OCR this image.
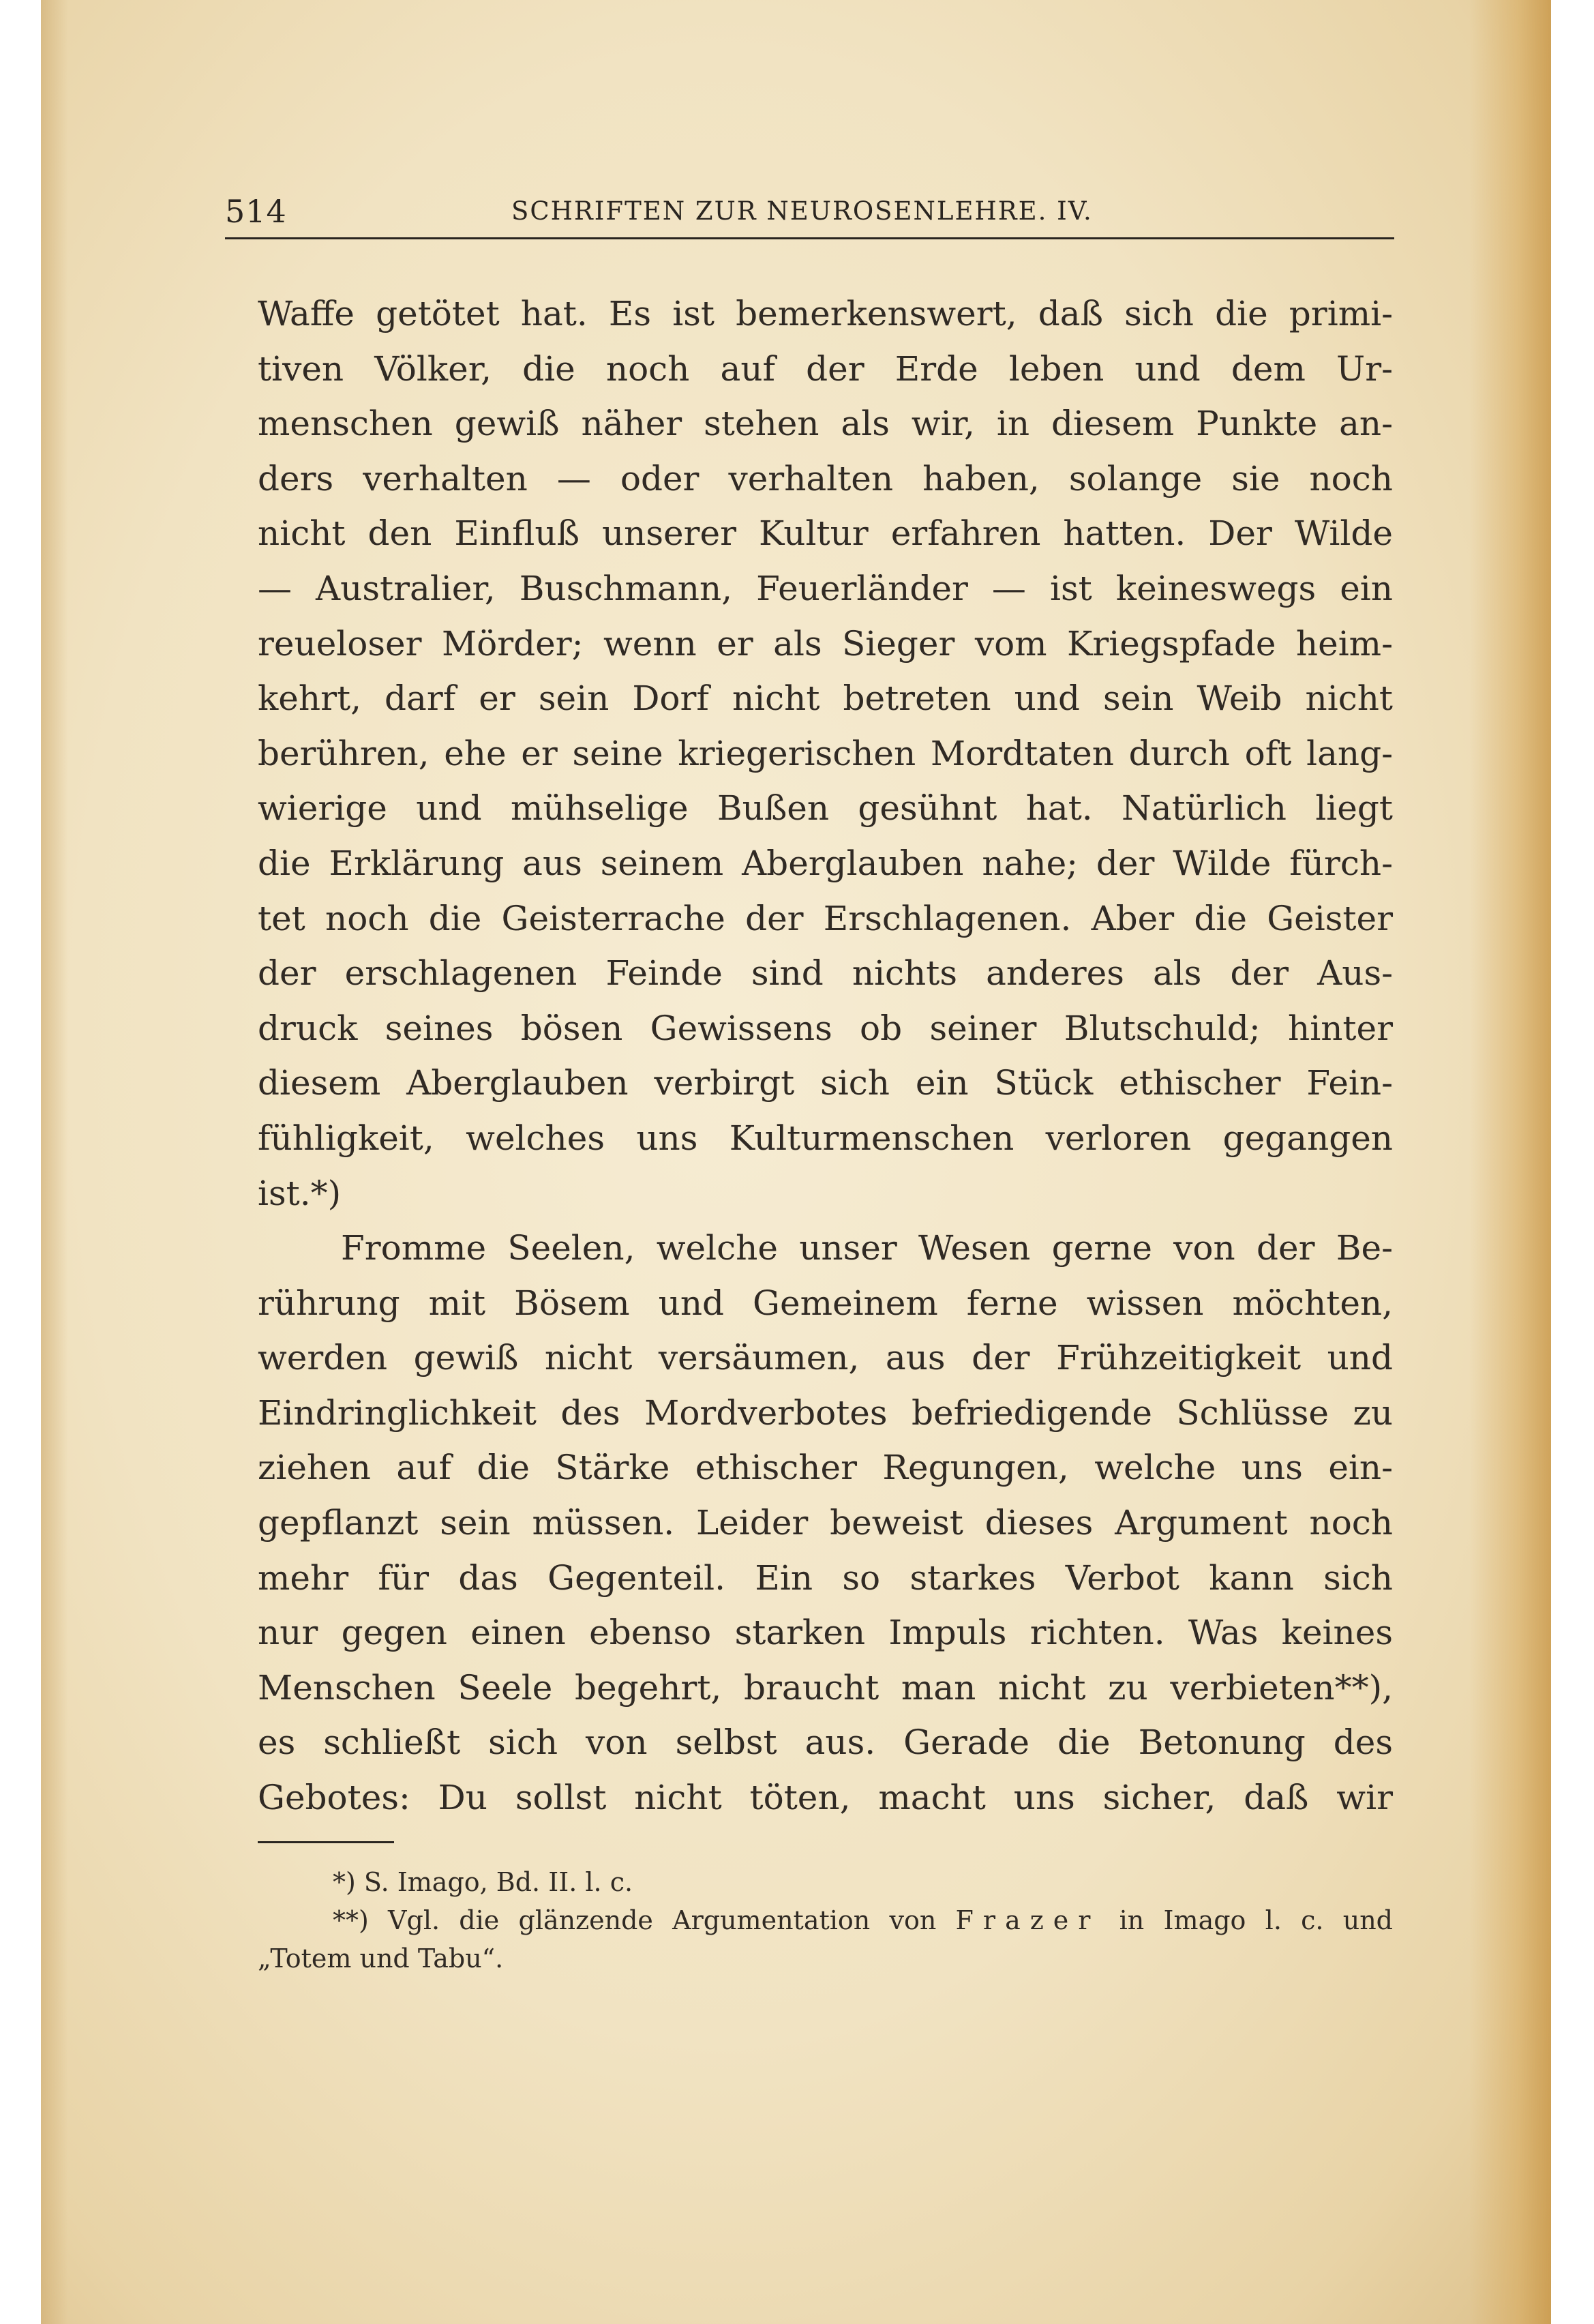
514	SCHRIFTEN ZUR NEUROSENLEHRE. IV.
Waffe getötet hat. Es ist bemerkenswert, daß sich die primi-
tiven Völker, die noch auf der Erde leben und dem Ur-
menschen gewiß näher stehen als wir, in diesem Punkte an-
ders verhalten — oder verhalten haben, solange sie noch
nicht den Einfluß unserer Kultur erfahren hatten. Der Wilde
— Australier, Buschmann, Feuerländer — ist keineswegs ein
reueloser Mörder; wenn er als Sieger vom Kriegspfade heim-
kehrt, darf er sein Dorf nicht betreten und sein Weib nicht
berühren, ehe er seine kriegerischen Mordtaten durch oft lang-
wierige und mühselige Bußen gesühnt hat. Natürlich liegt
die Erklärung aus seinem Aberglauben nahe; der Wilde fürch-
tet noch die Geisterrache der Erschlagenen. Aber die Geister
der erschlagenen Feinde sind nichts anderes als der Aus-
druck seines bösen Gewissens ob seiner Blutschuld; hinter
diesem Aberglauben verbirgt sich ein Stück ethischer Fein-
fühligkeit, welches uns Kulturmenschen verloren gegangen
ist.*)
Fromme Seelen, welche unser Wesen gerne von der Be-
rührung mit Bösem und Gemeinem ferne wissen möchten,
werden gewiß nicht versäumen, aus der Frühzeitigkeit und
Eindringlichkeit des Mordverbotes befriedigende Schlüsse zu
ziehen auf die Stärke ethischer Regungen, welche uns ein-
gepflanzt sein müssen. Leider beweist dieses Argument noch
mehr für das Gegenteil. Ein so starkes Verbot kann sich
nur gegen einen ebenso starken Impuls richten. Was keines
Menschen Seele begehrt, braucht man nicht zu verbieten**),
es schließt sich von selbst aus. Gerade die Betonung des
Gebotes: Du sollst nicht töten, macht uns sicher, daß wir
*) S. Imago, Bd. II. l. c.
**) Vgl. die glänzende Argumentation von Frazer in Imago l. c. und
„Totem und Tabu“.
